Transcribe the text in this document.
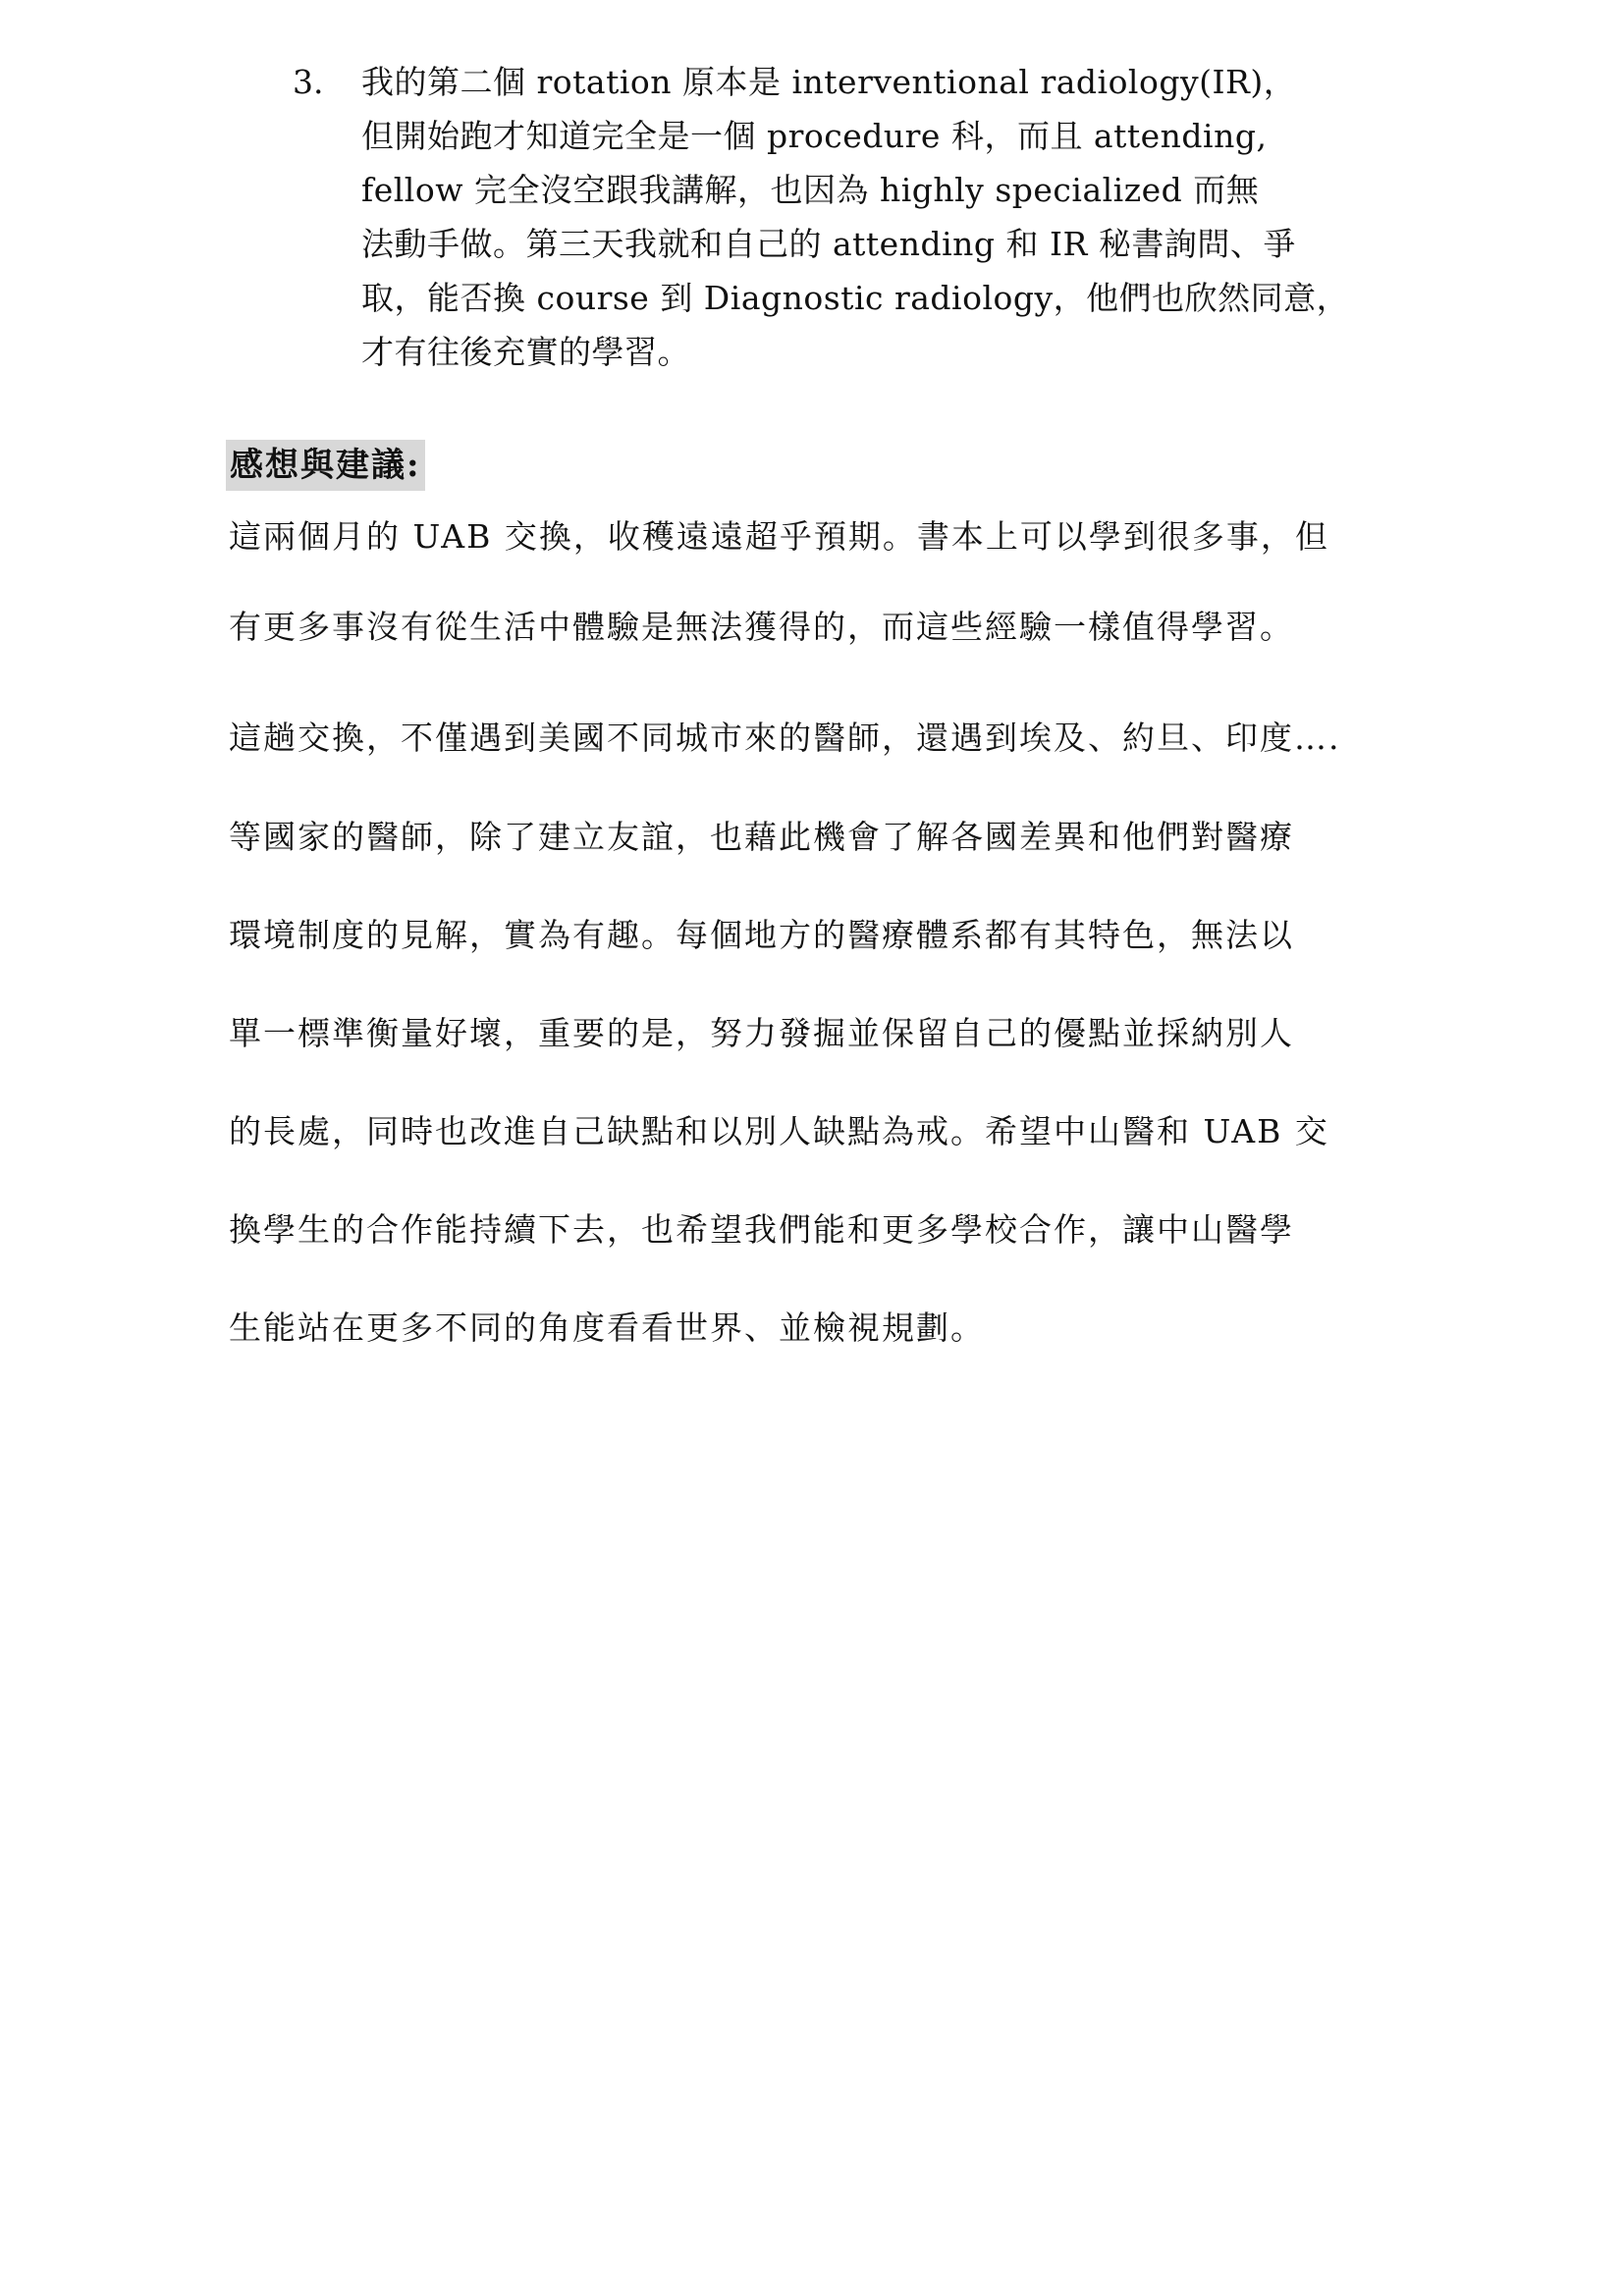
3. 我的第二個 rotation 原本是 interventional radiology(IR)，
但開始跑才知道完全是一個 procedure 科，而且 attending,
fellow 完全沒空跟我講解，也因為 highly specialized 而無
法動手做。第三天我就和自己的 attending 和 IR 秘書詢問、爭
取，能否換 course 到 Diagnostic radiology，他們也欣然同意，
才有往後充實的學習。
感想與建議:
這兩個月的 UAB 交換，收穫遠遠超乎預期。書本上可以學到很多事，但
有更多事沒有從生活中體驗是無法獲得的，而這些經驗一樣值得學習。
這趟交換，不僅遇到美國不同城市來的醫師，還遇到埃及、約旦、印度….
等國家的醫師，除了建立友誼，也藉此機會了解各國差異和他們對醫療
環境制度的見解，實為有趣。每個地方的醫療體系都有其特色，無法以
單一標準衡量好壞，重要的是，努力發掘並保留自己的優點並採納別人
的長處，同時也改進自己缺點和以別人缺點為戒。希望中山醫和 UAB 交
換學生的合作能持續下去，也希望我們能和更多學校合作，讓中山醫學
生能站在更多不同的角度看看世界、並檢視規劃。
